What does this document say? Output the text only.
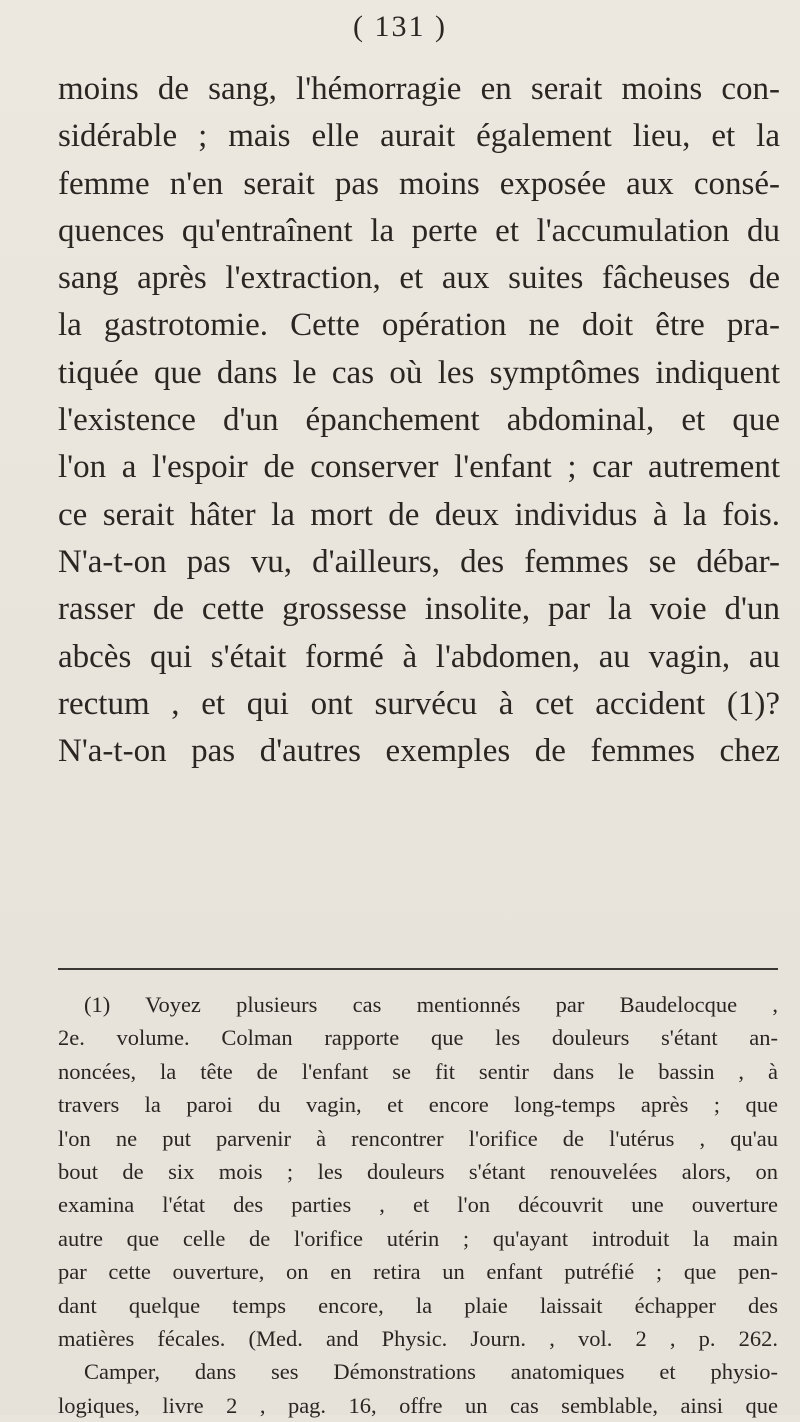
( 131 )
moins de sang, l'hémorragie en serait moins con-
sidérable ; mais elle aurait également lieu, et la
femme n'en serait pas moins exposée aux consé-
quences qu'entraînent la perte et l'accumulation du
sang après l'extraction, et aux suites fâcheuses de
la gastrotomie. Cette opération ne doit être pra-
tiquée que dans le cas où les symptômes indiquent
l'existence d'un épanchement abdominal, et que
l'on a l'espoir de conserver l'enfant ; car autrement
ce serait hâter la mort de deux individus à la fois.
N'a-t-on pas vu, d'ailleurs, des femmes se débar-
rasser de cette grossesse insolite, par la voie d'un
abcès qui s'était formé à l'abdomen, au vagin, au
rectum , et qui ont survécu à cet accident (1)?
N'a-t-on pas d'autres exemples de femmes chez
(1) Voyez plusieurs cas mentionnés par Baudelocque ,
2e. volume. Colman rapporte que les douleurs s'étant an-
noncées, la tête de l'enfant se fit sentir dans le bassin , à
travers la paroi du vagin, et encore long-temps après ; que
l'on ne put parvenir à rencontrer l'orifice de l'utérus , qu'au
bout de six mois ; les douleurs s'étant renouvelées alors, on
examina l'état des parties , et l'on découvrit une ouverture
autre que celle de l'orifice utérin ; qu'ayant introduit la main
par cette ouverture, on en retira un enfant putréfié ; que pen-
dant quelque temps encore, la plaie laissait échapper des
matières fécales. (Med. and Physic. Journ. , vol. 2 , p. 262.
Camper, dans ses Démonstrations anatomiques et physio-
logiques, livre 2 , pag. 16, offre un cas semblable, ainsi que
